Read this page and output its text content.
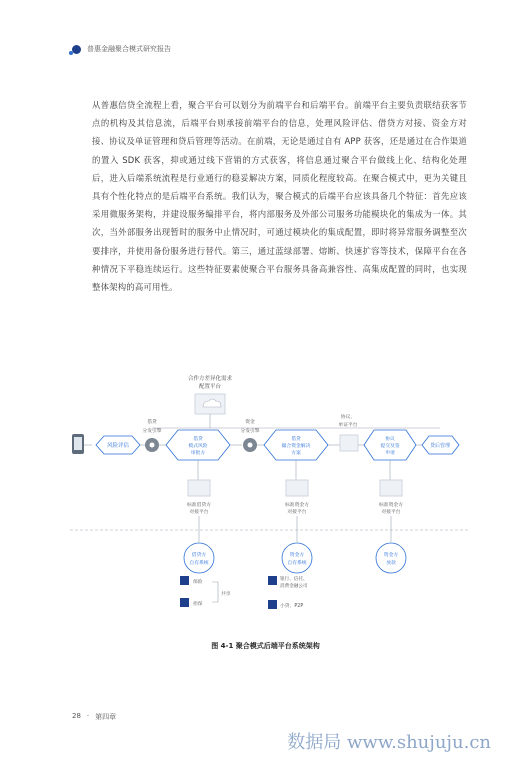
普惠金融聚合模式研究报告

从普惠信贷全流程上看，聚合平台可以划分为前端平台和后端平台。前端平台主要负责联结获客节点的机构及其信息流，后端平台则承接前端平台的信息，处理风险评估、借贷方对接、资金方对接、协议及单证管理和贷后管理等活动。在前端，无论是通过自有 APP 获客，还是通过在合作渠道的置入 SDK 获客，抑或通过线下营销的方式获客，将信息通过聚合平台做线上化、结构化处理后，进入后端系统流程是行业通行的稳妥解决方案，同质化程度较高。在聚合模式中，更为关键且具有个性化特点的是后端平台系统。我们认为，聚合模式的后端平台应该具备几个特征：首先应该采用微服务架构，并建设服务编排平台，将内部服务及外部公司服务功能模块化的集成为一体。其次，当外部服务出现暂时的服务中止情况时，可通过模块化的集成配置，即时将异常服务调整至次要排序，并使用备份服务进行替代。第三，通过蓝绿部署、熔断、快速扩容等技术，保障平台在各种情况下平稳连续运行。这些特征要素使聚合平台服务具备高兼容性、高集成配置的同时，也实现整体架构的高可用性。

合作方差异化需求
配置平台
风险评估
借贷
分发引擎
借贷
模式风险
审批方
资金
分发引擎
借贷
撮合资金解决
方案
协议、
单证平台
协议
提交及签
申请
贷后管理
标准借贷方
对接平台
标准资金方
对接平台
标准资金方
对接平台
借贷方
自有系统
资金方
自有系统
资金方
放款
保险
担保
共享
银行、信托、
消费金融公司
小贷、P2P
图 4-1 聚合模式后端平台系统架构
28 · 第四章
数据局 www.shujuju.cn
